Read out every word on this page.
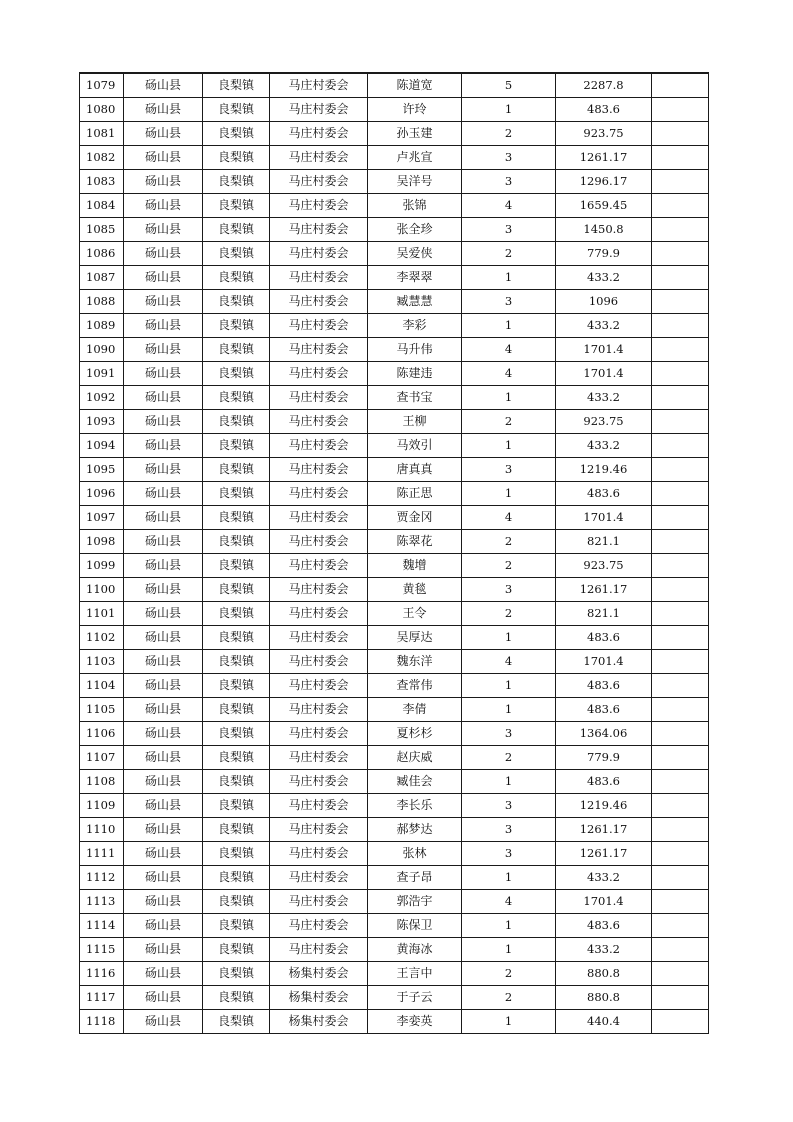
1079	砀山县	良梨镇	马庄村委会	陈道宽	5	2287.8	
1080	砀山县	良梨镇	马庄村委会	许玲	1	483.6	
1081	砀山县	良梨镇	马庄村委会	孙玉建	2	923.75	
1082	砀山县	良梨镇	马庄村委会	卢兆宣	3	1261.17	
1083	砀山县	良梨镇	马庄村委会	吴洋号	3	1296.17	
1084	砀山县	良梨镇	马庄村委会	张锦	4	1659.45	
1085	砀山县	良梨镇	马庄村委会	张全珍	3	1450.8	
1086	砀山县	良梨镇	马庄村委会	吴爱侠	2	779.9	
1087	砀山县	良梨镇	马庄村委会	李翠翠	1	433.2	
1088	砀山县	良梨镇	马庄村委会	臧慧慧	3	1096	
1089	砀山县	良梨镇	马庄村委会	李彩	1	433.2	
1090	砀山县	良梨镇	马庄村委会	马升伟	4	1701.4	
1091	砀山县	良梨镇	马庄村委会	陈建违	4	1701.4	
1092	砀山县	良梨镇	马庄村委会	查书宝	1	433.2	
1093	砀山县	良梨镇	马庄村委会	王柳	2	923.75	
1094	砀山县	良梨镇	马庄村委会	马效引	1	433.2	
1095	砀山县	良梨镇	马庄村委会	唐真真	3	1219.46	
1096	砀山县	良梨镇	马庄村委会	陈正思	1	483.6	
1097	砀山县	良梨镇	马庄村委会	贾金冈	4	1701.4	
1098	砀山县	良梨镇	马庄村委会	陈翠花	2	821.1	
1099	砀山县	良梨镇	马庄村委会	魏增	2	923.75	
1100	砀山县	良梨镇	马庄村委会	黄毯	3	1261.17	
1101	砀山县	良梨镇	马庄村委会	王令	2	821.1	
1102	砀山县	良梨镇	马庄村委会	吴厚达	1	483.6	
1103	砀山县	良梨镇	马庄村委会	魏东洋	4	1701.4	
1104	砀山县	良梨镇	马庄村委会	查常伟	1	483.6	
1105	砀山县	良梨镇	马庄村委会	李倩	1	483.6	
1106	砀山县	良梨镇	马庄村委会	夏杉杉	3	1364.06	
1107	砀山县	良梨镇	马庄村委会	赵庆威	2	779.9	
1108	砀山县	良梨镇	马庄村委会	臧佳会	1	483.6	
1109	砀山县	良梨镇	马庄村委会	李长乐	3	1219.46	
1110	砀山县	良梨镇	马庄村委会	郝梦达	3	1261.17	
1111	砀山县	良梨镇	马庄村委会	张林	3	1261.17	
1112	砀山县	良梨镇	马庄村委会	查子昂	1	433.2	
1113	砀山县	良梨镇	马庄村委会	郭浩宇	4	1701.4	
1114	砀山县	良梨镇	马庄村委会	陈保卫	1	483.6	
1115	砀山县	良梨镇	马庄村委会	黄海冰	1	433.2	
1116	砀山县	良梨镇	杨集村委会	王言中	2	880.8	
1117	砀山县	良梨镇	杨集村委会	于子云	2	880.8	
1118	砀山县	良梨镇	杨集村委会	李娈英	1	440.4	
